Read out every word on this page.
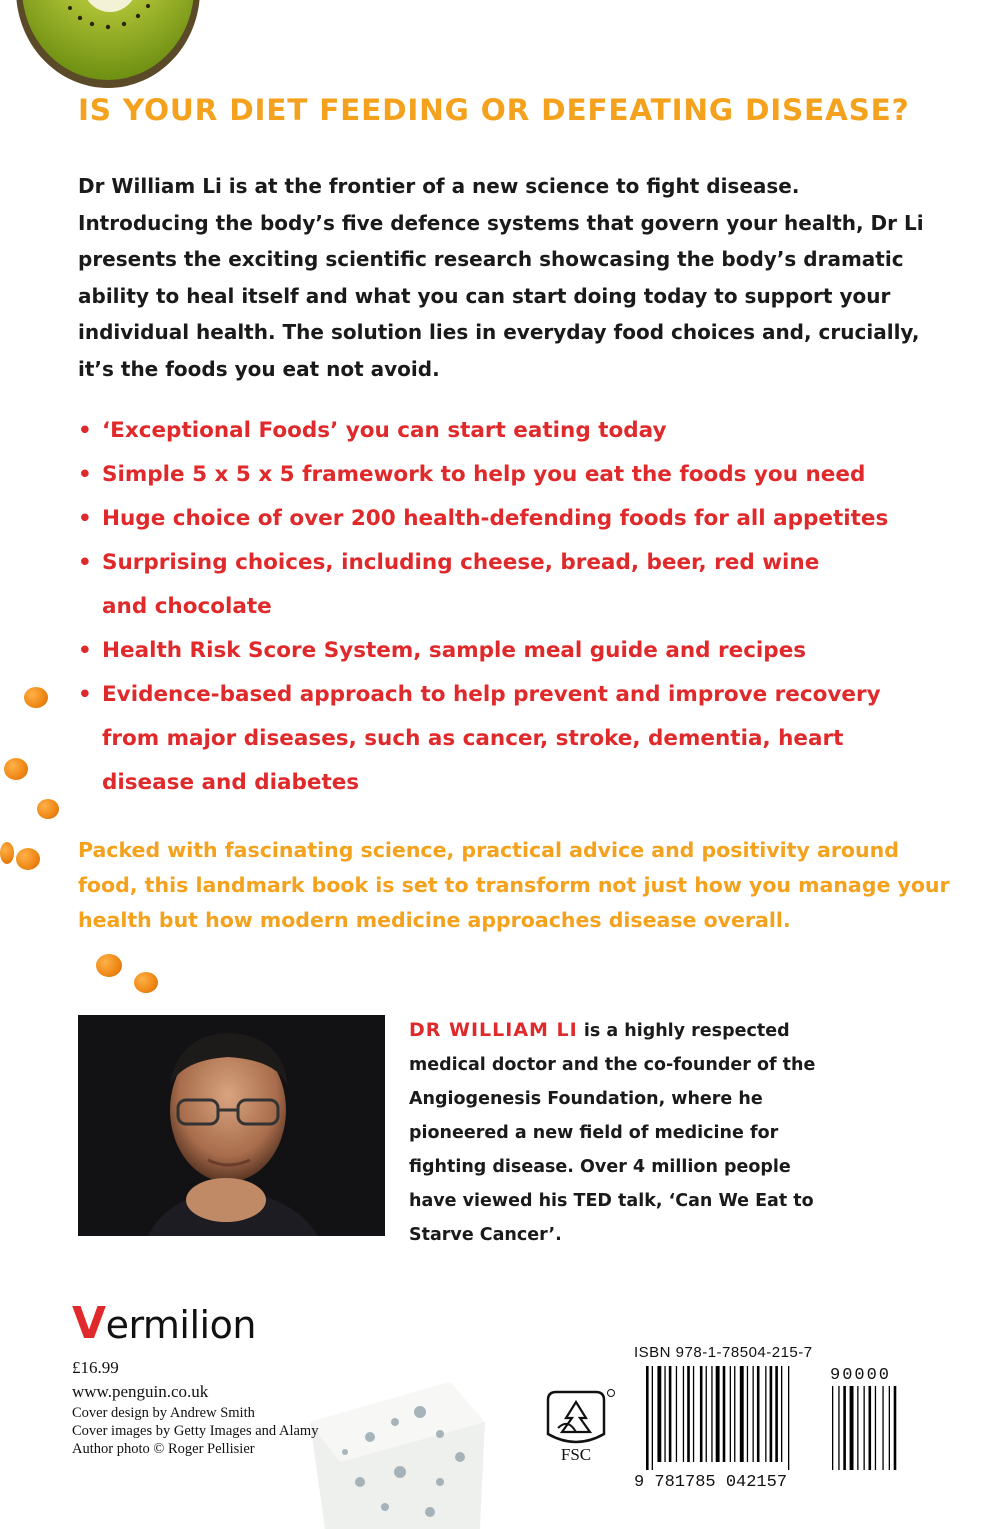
IS YOUR DIET FEEDING OR DEFEATING DISEASE?
Dr William Li is at the frontier of a new science to fight disease.
Introducing the body’s five defence systems that govern your health, Dr Li
presents the exciting scientific research showcasing the body’s dramatic
ability to heal itself and what you can start doing today to support your
individual health. The solution lies in everyday food choices and, crucially,
it’s the foods you eat not avoid.
• ‘Exceptional Foods’ you can start eating today
• Simple 5 x 5 x 5 framework to help you eat the foods you need
• Huge choice of over 200 health-defending foods for all appetites
• Surprising choices, including cheese, bread, beer, red wine
and chocolate
• Health Risk Score System, sample meal guide and recipes
• Evidence-based approach to help prevent and improve recovery
from major diseases, such as cancer, stroke, dementia, heart
disease and diabetes
Packed with fascinating science, practical advice and positivity around
food, this landmark book is set to transform not just how you manage your
health but how modern medicine approaches disease overall.
DR WILLIAM LI is a highly respected
medical doctor and the co-founder of the
Angiogenesis Foundation, where he
pioneered a new field of medicine for
fighting disease. Over 4 million people
have viewed his TED talk, ‘Can We Eat to
Starve Cancer’.
Vermilion
£16.99
www.penguin.co.uk
Cover design by Andrew Smith
Cover images by Getty Images and Alamy
Author photo © Roger Pellisier	FSC
ISBN 978-1-78504-215-7
9 781785 042157
90000
